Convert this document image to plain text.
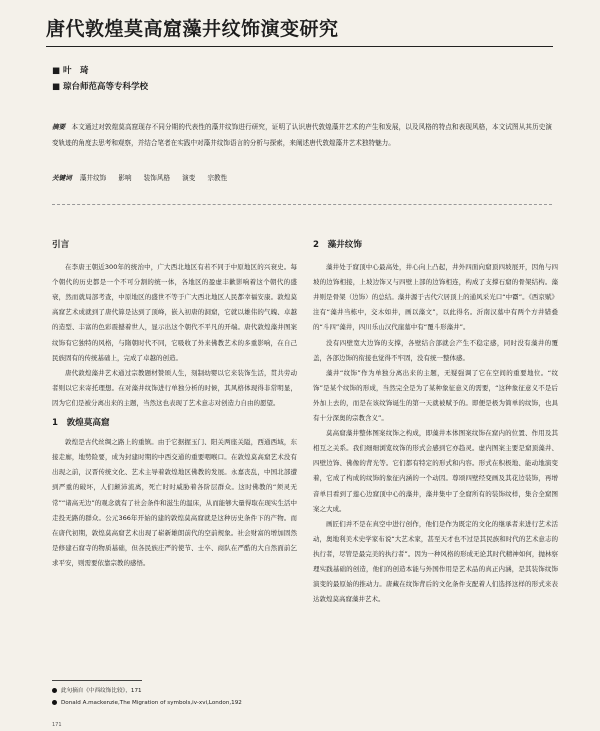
唐代敦煌莫高窟藻井纹饰演变研究
■ 叶　琦
■ 琼台师范高等专科学校
摘要 本文通过对敦煌莫高窟现存不同分期的代表性的藻井纹饰进行研究，证明了认识唐代敦煌藻井艺术的产生和发展，以及风格的特点和表现风格，本文试图从其历史演变轨迹的角度去思考和观察，并结合笔者在实践中对藻井纹饰语言的分析与探索，来阐述唐代敦煌藻井艺术独特魅力。
关键词 藻井纹饰 影响 装饰风格 演变 宗教性
引言

在李唐王朝近300年的统治中，广大西北地区有若不同于中原地区的兴衰史。每个朝代的历史都是一个不可分割的统一体，各地区的盈虚丰歉影响着这个朝代的盛衰，然而就局部考查，中原地区的盛世不等于广大西北地区人民都幸福安康。敦煌莫高窟艺术成就到了唐代算是达到了顶峰，嵌入初唐的洞窟，它就以雄伟的气魄、卓越的造型、丰富的色彩震撼着世人，显示出这个朝代不平凡的开端。唐代敦煌藻井图案纹饰有它独特的风格，与隋朝时代不同，它吸收了外来佛教艺术的多重影响，在自己民族固有的传统基础上，完成了卓越的创造。

唐代敦煌藻井艺术通过宗教题材赞颂人生，刻制幼婴以它来装饰生活，贯共劳动者则以它来寄托理想。在对藻井纹饰进行单独分析的时候，其风格体现得非常明显，因为它们是被分离出来的主题，当然这也表现了艺术意志对创造力自由的愿望。

1　敦煌莫高窟

敦煌是古代丝绸之路上的重镇。由于它据握玉门、阳关两座关隘，西通西域，东接走廊，地势险要，成为封建时期的中西交通的重要咽喉口。在敦煌莫高窟艺术没有出现之前，汉晋传统文化、艺术主导着敦煌地区佛教的发展。永嘉丧乱，中国北部遭到严重的破坏，人们颠沛流离，死亡时时威胁着各阶层群众。这时佛教的“须灵无常”“诸高无边”的观念就有了社会条件和滋生的温床，从而能够大量得取在现实生活中走投无路的群众。公元366年开始的建的敦煌莫高窟就是这种历史条件下的产物。而在唐代初期，敦煌莫高窟艺术出现了崭新雄朗前代的空前规象。社会财富的增加固然是修建石窟寺的物质基础，但各民族庄严的使节、士卒、商队在严酷的大自然面前乞求平安，则需要依靠宗教的感悟。

2　藻井纹饰

藻井处于窟顶中心最高处，井心向上凸起，井外四面向窟顶四坡展开，因角与四坡的边饰相接，上坡边饰又与四壁上部的边饰相连，构成了支撑石窟的骨架结构。藻井则是骨架（边饰）的总结。藻井源于古代穴居顶上的通风采光口“中霤”。《西京赋》注有“藻井当栋中，交木如井，画以藻文”，以此得名。沂南汉墓中有两个方井错叠的“斗四”藻井，四川乐山汉代崖墓中有“覆斗形藻井”。

没有四壁宽大边饰的支撑，各壁结合部就会产生不稳定感，同时没有藻井的覆盖，各部边饰的衔接也觉得不牢固，没有统一整体感。

藻井“纹饰”作为单独分离出来的主题，无疑强调了它在空间的重要地位。“纹饰”是某个纹饰的形成，当然完全是为了某种象征意义的需要，“这种象征意义不是后外加上去的，而是在该纹饰诞生的第一天就被赋予的。即便是极为简单的纹饰，也具有十分深奥的宗教含义”。

莫高窟藻井整体图案纹饰之构成，即藻井本体图案纹饰在窟内的位置、作用及其相互之关系。我们细细浏览纹饰的形式会感到它亦趋灵。虚内图案主要是窟顶藻井、四壁边饰、佛像的背光等。它们都有特定的形式和内容。形式在积极地、能动地演变着，它成了构成的纹饰的象征内涵的一个动因。尊颂四壁经变画及其花边装饰，再增音单目看到了莲心边窟顶中心的藻井，藻井集中了全窟所有的装饰纹样，集合全窟图案之大成。

画匠们并不是在真空中进行创作，他们是作为既定的文化的继承者来进行艺术活动，奥地利美术史学家布说“大艺术家，甚至天才也不过是其民族和时代的艺术意志的执行者，尽管是最完美的执行者”。因为一种风格的形成无论其时代精神如何，抛林察理实践基础的创造，他们的创造本能与外国作用是艺术品的真正内涵，是其装饰纹饰演变的最原始的推动力。唐藏在纹饰背后的文化条件支配着人们选择这样的形式来表达敦煌莫高窟藻井艺术。

此句摘自《中西纹饰比较》，171
Donald A.mackenzie,The Migration of symbols,iv-xvi,London,192
171
